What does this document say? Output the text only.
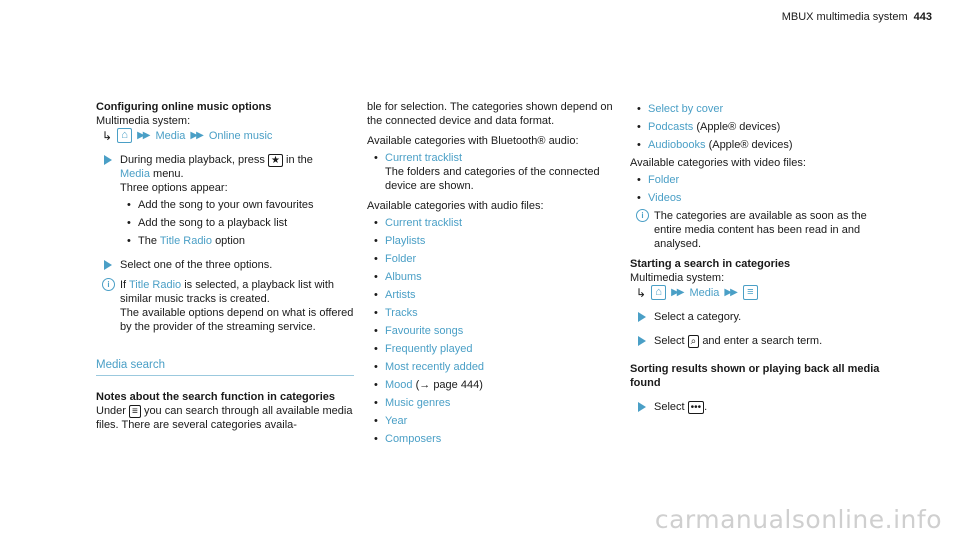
MBUX multimedia system 443
Configuring online music options
Multimedia system:
↳ ⌂ ▶▶ Media ▶▶ Online music
During media playback, press ★ in the
Media menu.
Three options appear:
• Add the song to your own favourites
• Add the song to a playback list
• The Title Radio option
Select one of the three options.
i If Title Radio is selected, a playback list with similar music tracks is created.
The available options depend on what is offered by the provider of the streaming service.
Media search
Notes about the search function in categories
Under ≡ you can search through all available media files. There are several categories availa-
ble for selection. The categories shown depend on the connected device and data format.
Available categories with Bluetooth® audio:
• Current tracklist
The folders and categories of the connected device are shown.
Available categories with audio files:
• Current tracklist
• Playlists
• Folder
• Albums
• Artists
• Tracks
• Favourite songs
• Frequently played
• Most recently added
• Mood (→ page 444)
• Music genres
• Year
• Composers
• Select by cover
• Podcasts (Apple® devices)
• Audiobooks (Apple® devices)
Available categories with video files:
• Folder
• Videos
i The categories are available as soon as the entire media content has been read in and analysed.
Starting a search in categories
Multimedia system:
↳ ⌂ ▶▶ Media ▶▶	≡
Select a category.
Select ⌕ and enter a search term.
Sorting results shown or playing back all media found
Select ••• .
carmanualsonline.info
